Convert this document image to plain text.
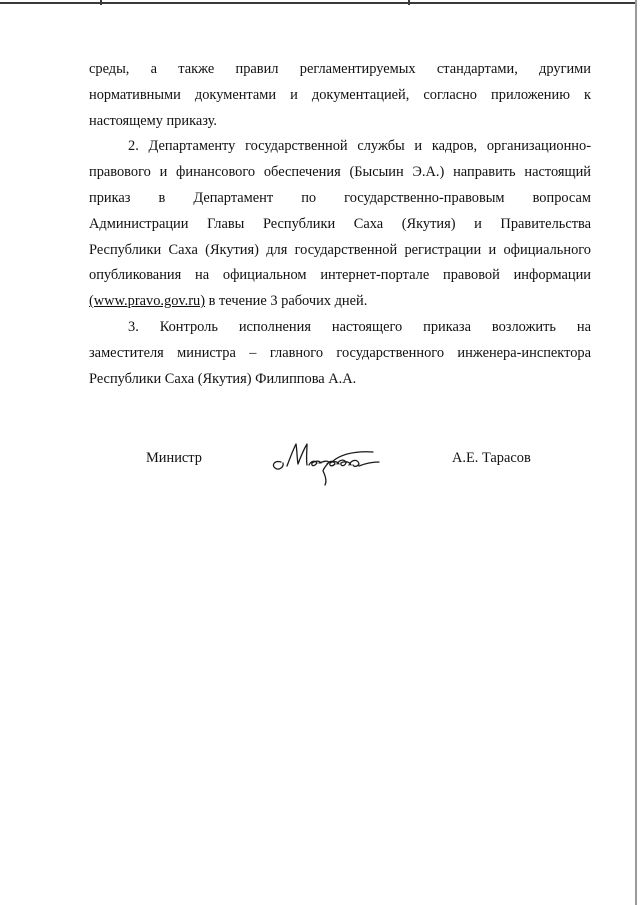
среды, а также правил регламентируемых стандартами, другими
нормативными документами и документацией, согласно приложению к
настоящему приказу.

2. Департаменту государственной службы и кадров, организационно-
правового и финансового обеспечения (Бысыин Э.А.) направить настоящий
приказ в Департамент по государственно-правовым вопросам
Администрации Главы Республики Саха (Якутия) и Правительства
Республики Саха (Якутия) для государственной регистрации и официального
опубликования на официальном интернет-портале правовой информации
(www.pravo.gov.ru) в течение 3 рабочих дней.

3. Контроль исполнения настоящего приказа возложить на
заместителя министра – главного государственного инженера-инспектора
Республики Саха (Якутия) Филиппова А.А.

Министр	А.Е. Тарасов
